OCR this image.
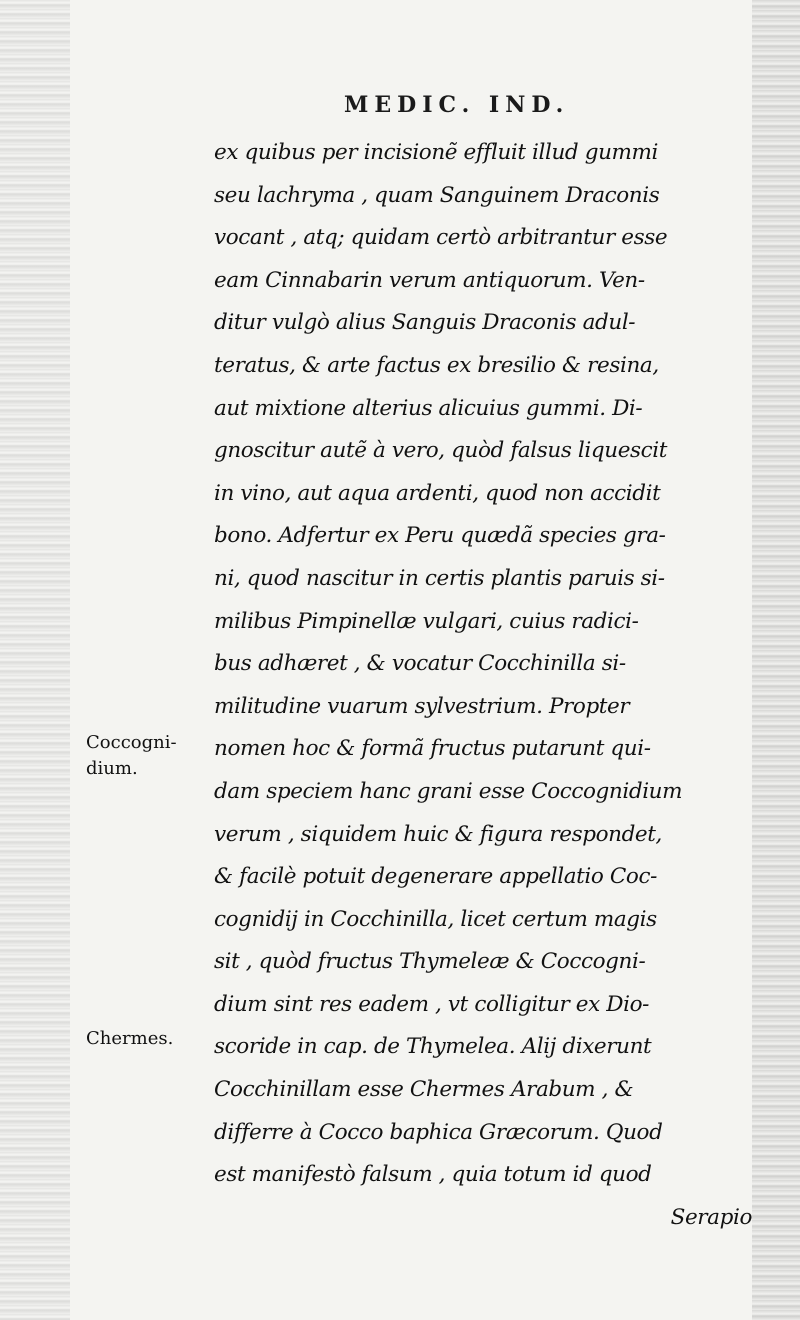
MEDIC. IND.
Coccogni-
dium.
Chermes.
ex quibus per incisionẽ effluit illud gummi
seu lachryma , quam Sanguinem Draconis
vocant , atq; quidam certò arbitrantur esse
eam Cinnabarin verum antiquorum. Ven-
ditur vulgò alius Sanguis Draconis adul-
teratus, & arte factus ex bresilio & resina,
aut mixtione alterius alicuius gummi. Di-
gnoscitur autẽ à vero, quòd falsus liquescit
in vino, aut aqua ardenti, quod non accidit
bono. Adfertur ex Peru quædã species gra-
ni, quod nascitur in certis plantis paruis si-
milibus Pimpinellæ vulgari, cuius radici-
bus adhæret , & vocatur Cocchinilla si-
militudine vuarum sylvestrium. Propter
nomen hoc & formã fructus putarunt qui-
dam speciem hanc grani esse Coccognidium
verum , siquidem huic & figura respondet,
& facilè potuit degenerare appellatio Coc-
cognidij in Cocchinilla, licet certum magis
sit , quòd fructus Thymeleæ & Coccogni-
dium sint res eadem , vt colligitur ex Dio-
scoride in cap. de Thymelea. Alij dixerunt
Cocchinillam esse Chermes Arabum , &
differre à Cocco baphica Græcorum. Quod
est manifestò falsum , quia totum id quod
Serapio
